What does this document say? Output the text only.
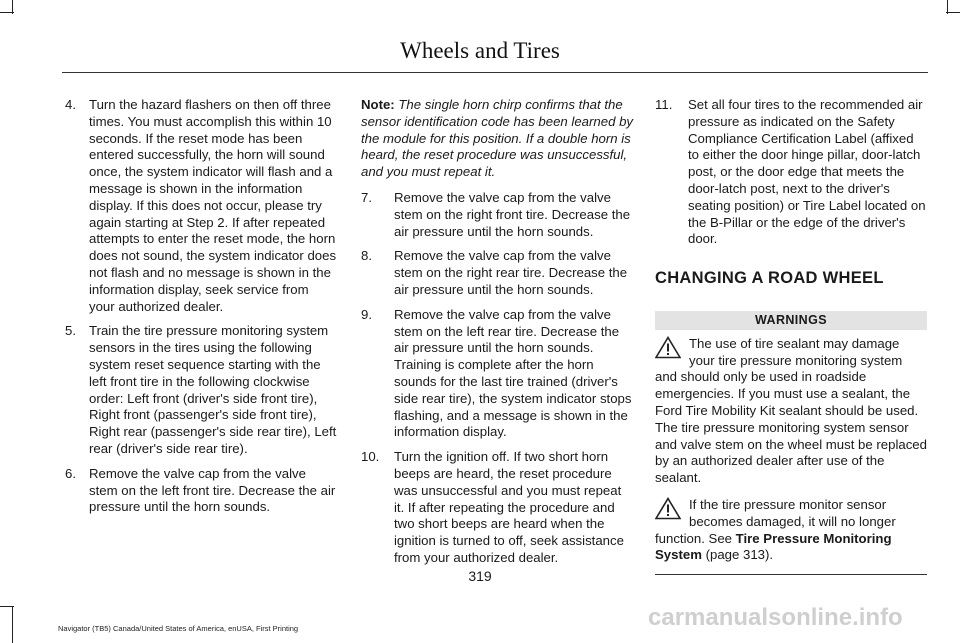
Wheels and Tires
4. Turn the hazard flashers on then off three times. You must accomplish this within 10 seconds. If the reset mode has been entered successfully, the horn will sound once, the system indicator will flash and a message is shown in the information display. If this does not occur, please try again starting at Step 2. If after repeated attempts to enter the reset mode, the horn does not sound, the system indicator does not flash and no message is shown in the information display, seek service from your authorized dealer.
5. Train the tire pressure monitoring system sensors in the tires using the following system reset sequence starting with the left front tire in the following clockwise order: Left front (driver's side front tire), Right front (passenger's side front tire), Right rear (passenger's side rear tire), Left rear (driver's side rear tire).
6. Remove the valve cap from the valve stem on the left front tire. Decrease the air pressure until the horn sounds.
Note: The single horn chirp confirms that the sensor identification code has been learned by the module for this position. If a double horn is heard, the reset procedure was unsuccessful, and you must repeat it.
7.	Remove the valve cap from the valve stem on the right front tire. Decrease the air pressure until the horn sounds.
8.	Remove the valve cap from the valve stem on the right rear tire. Decrease the air pressure until the horn sounds.
9.	Remove the valve cap from the valve stem on the left rear tire. Decrease the air pressure until the horn sounds. Training is complete after the horn sounds for the last tire trained (driver's side rear tire), the system indicator stops flashing, and a message is shown in the information display.
10.	Turn the ignition off. If two short horn beeps are heard, the reset procedure was unsuccessful and you must repeat it. If after repeating the procedure and two short beeps are heard when the ignition is turned to off, seek assistance from your authorized dealer.
11.	Set all four tires to the recommended air pressure as indicated on the Safety Compliance Certification Label (affixed to either the door hinge pillar, door-latch post, or the door edge that meets the door-latch post, next to the driver's seating position) or Tire Label located on the B-Pillar or the edge of the driver's door.
CHANGING A ROAD WHEEL
WARNINGS
The use of tire sealant may damage your tire pressure monitoring system and should only be used in roadside emergencies. If you must use a sealant, the Ford Tire Mobility Kit sealant should be used. The tire pressure monitoring system sensor and valve stem on the wheel must be replaced by an authorized dealer after use of the sealant.
If the tire pressure monitor sensor becomes damaged, it will no longer function. See Tire Pressure Monitoring System (page 313).
319
Navigator (TB5) Canada/United States of America, enUSA, First Printing	carmanualsonline.info
